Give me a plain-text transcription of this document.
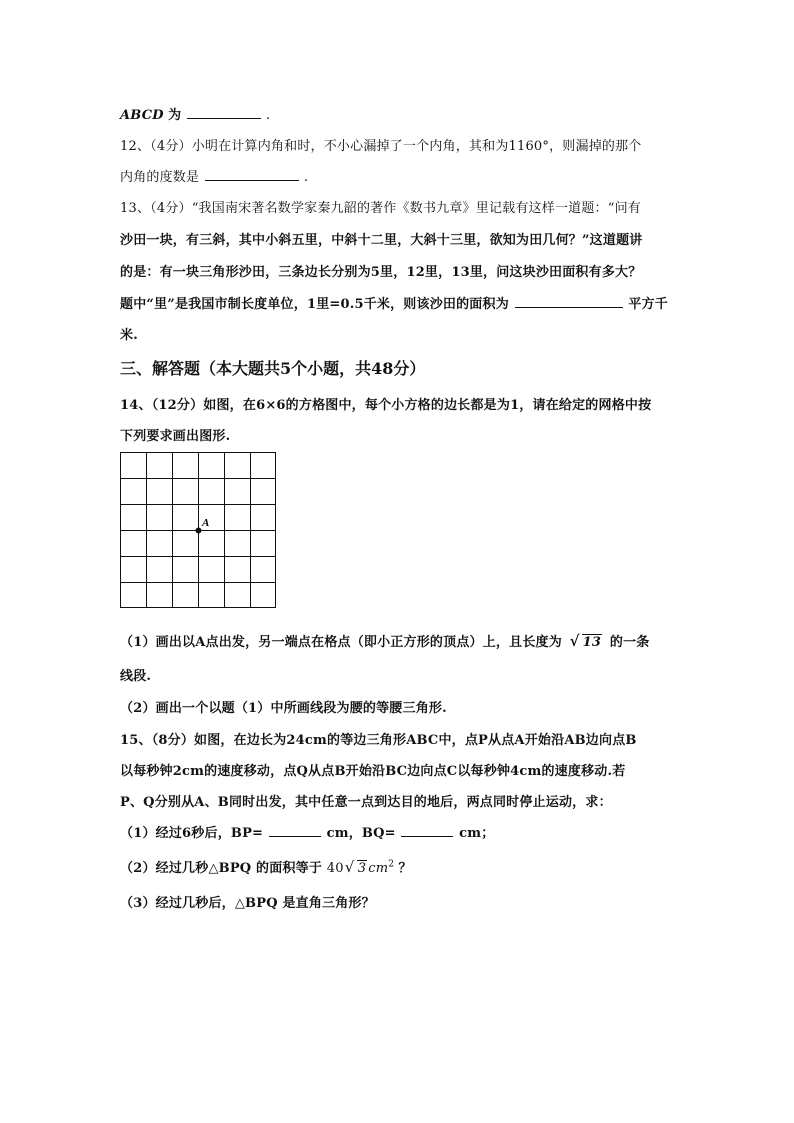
ABCD 为	.
12、（4分）小明在计算内角和时，不小心漏掉了一个内角，其和为1160°，则漏掉的那个
内角的度数是	.
13、（4分）“我国南宋著名数学家秦九韶的著作《数书九章》里记载有这样一道题：“问有
沙田一块，有三斜，其中小斜五里，中斜十二里，大斜十三里，欲知为田几何？”这道题讲
的是：有一块三角形沙田，三条边长分别为5里，12里，13里，问这块沙田面积有多大？
题中“里”是我国市制长度单位，1里=0.5千米，则该沙田的面积为	平方千
米.
三、解答题（本大题共5个小题，共48分）
14、（12分）如图，在6×6的方格图中，每个小方格的边长都是为1，请在给定的网格中按
下列要求画出图形.
A
（1）画出以A点出发，另一端点在格点（即小正方形的顶点）上，且长度为 √ 13 的一条
线段.
（2）画出一个以题（1）中所画线段为腰的等腰三角形.
15、（8分）如图，在边长为24cm的等边三角形ABC中，点P从点A开始沿AB边向点B
以每秒钟2cm的速度移动，点Q从点B开始沿BC边向点C以每秒钟4cm的速度移动.若
P、Q分别从A、B同时出发，其中任意一点到达目的地后，两点同时停止运动，求：
（1）经过6秒后，BP=	cm，BQ=	cm；
（2）经过几秒△BPQ 的面积等于 40 √ 3 $cm^2$ ？
（3）经过几秒后，△BPQ 是直角三角形？
